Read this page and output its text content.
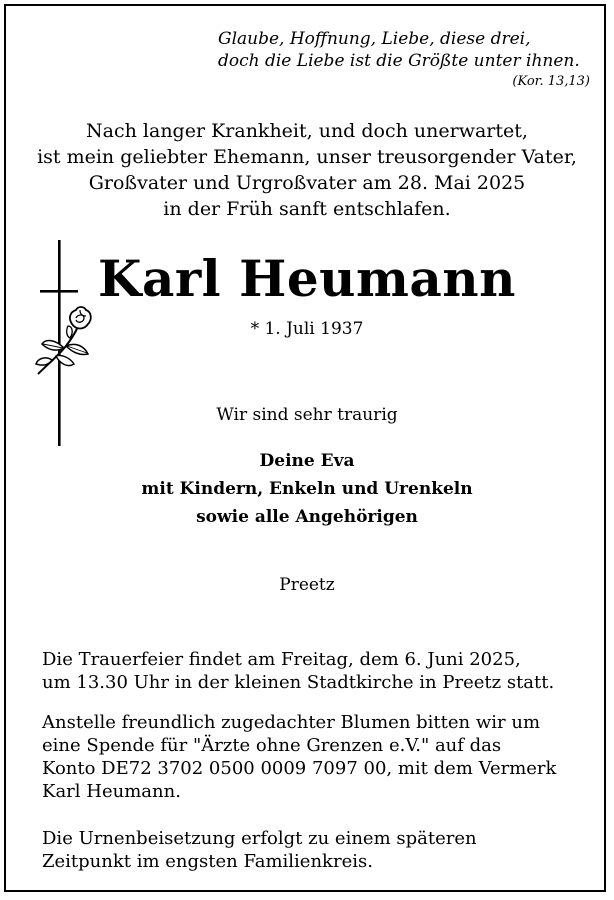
Glaube, Hoffnung, Liebe, diese drei,
doch die Liebe ist die Größte unter ihnen.
(Kor. 13,13)
Nach langer Krankheit, und doch unerwartet,
ist mein geliebter Ehemann, unser treusorgender Vater,
Großvater und Urgroßvater am 28. Mai 2025
in der Früh sanft entschlafen.
Karl Heumann
* 1. Juli 1937
Wir sind sehr traurig
Deine Eva
mit Kindern, Enkeln und Urenkeln
sowie alle Angehörigen
Preetz
Die Trauerfeier findet am Freitag, dem 6. Juni 2025,
um 13.30 Uhr in der kleinen Stadtkirche in Preetz statt.
Anstelle freundlich zugedachter Blumen bitten wir um
eine Spende für "Ärzte ohne Grenzen e.V." auf das
Konto DE72 3702 0500 0009 7097 00, mit dem Vermerk
Karl Heumann.
Die Urnenbeisetzung erfolgt zu einem späteren
Zeitpunkt im engsten Familienkreis.
